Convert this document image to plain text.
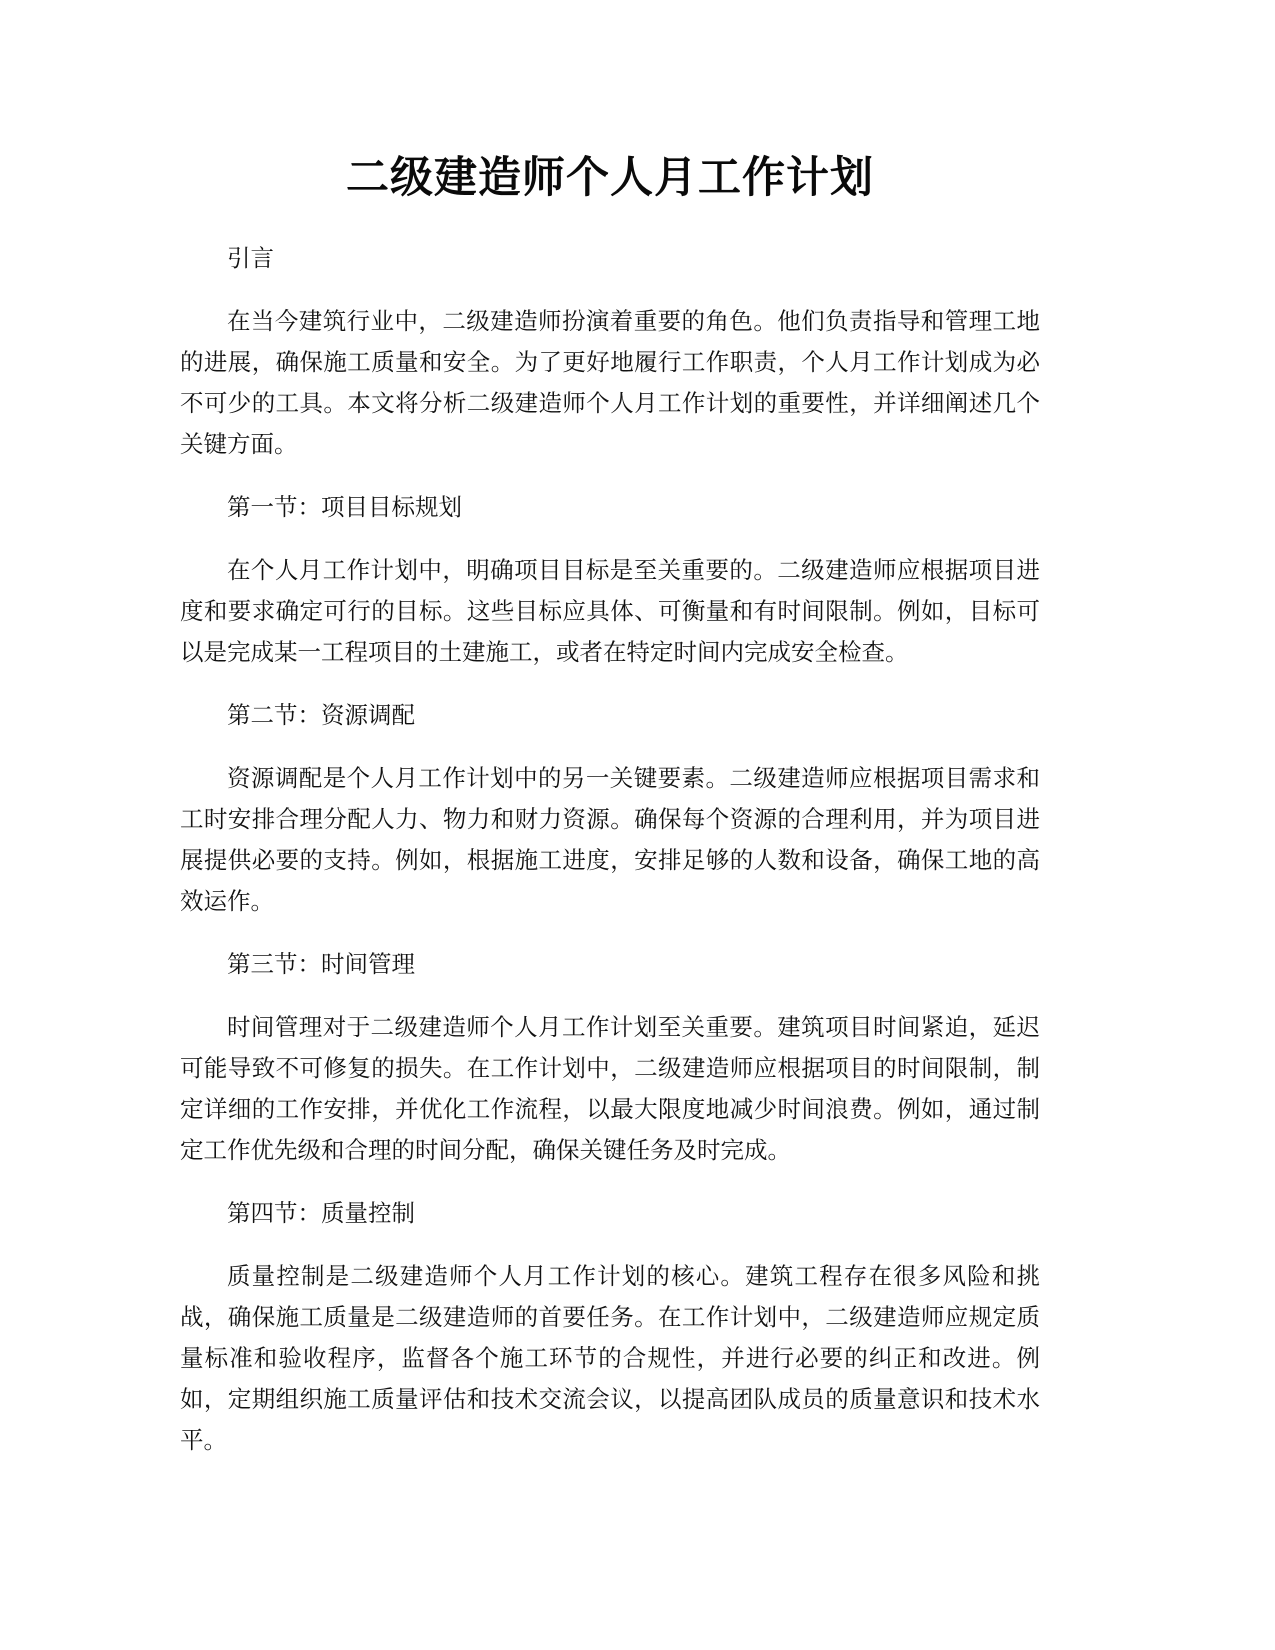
二级建造师个人月工作计划

引言

在当今建筑行业中，二级建造师扮演着重要的角色。他们负责指导和管理工地的进展，确保施工质量和安全。为了更好地履行工作职责，个人月工作计划成为必不可少的工具。本文将分析二级建造师个人月工作计划的重要性，并详细阐述几个关键方面。

第一节：项目目标规划

在个人月工作计划中，明确项目目标是至关重要的。二级建造师应根据项目进度和要求确定可行的目标。这些目标应具体、可衡量和有时间限制。例如，目标可以是完成某一工程项目的土建施工，或者在特定时间内完成安全检查。

第二节：资源调配

资源调配是个人月工作计划中的另一关键要素。二级建造师应根据项目需求和工时安排合理分配人力、物力和财力资源。确保每个资源的合理利用，并为项目进展提供必要的支持。例如，根据施工进度，安排足够的人数和设备，确保工地的高效运作。

第三节：时间管理

时间管理对于二级建造师个人月工作计划至关重要。建筑项目时间紧迫，延迟可能导致不可修复的损失。在工作计划中，二级建造师应根据项目的时间限制，制定详细的工作安排，并优化工作流程，以最大限度地减少时间浪费。例如，通过制定工作优先级和合理的时间分配，确保关键任务及时完成。

第四节：质量控制

质量控制是二级建造师个人月工作计划的核心。建筑工程存在很多风险和挑战，确保施工质量是二级建造师的首要任务。在工作计划中，二级建造师应规定质量标准和验收程序，监督各个施工环节的合规性，并进行必要的纠正和改进。例如，定期组织施工质量评估和技术交流会议，以提高团队成员的质量意识和技术水平。
